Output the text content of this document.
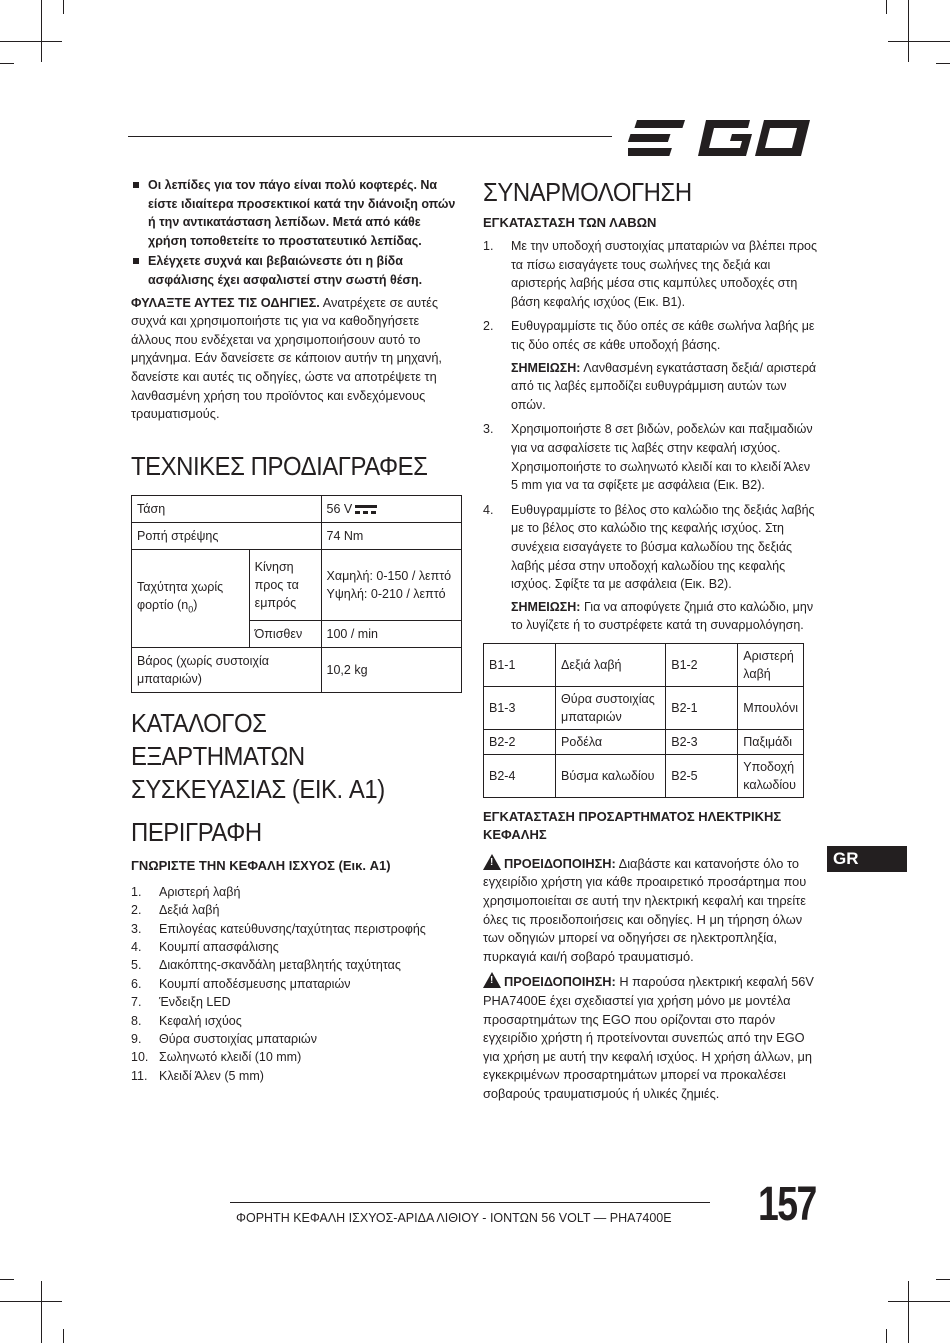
Οι λεπίδες για τον πάγο είναι πολύ κοφτερές. Να είστε ιδιαίτερα προσεκτικοί κατά την διάνοιξη οπών ή την αντικατάσταση λεπίδων. Μετά από κάθε χρήση τοποθετείτε το προστατευτικό λεπίδας.
Ελέγχετε συχνά και βεβαιώνεστε ότι η βίδα ασφάλισης έχει ασφαλιστεί στην σωστή θέση.
ΦΥΛΑΞΤΕ ΑΥΤΕΣ ΤΙΣ ΟΔΗΓΙΕΣ. Ανατρέχετε σε αυτές συχνά και χρησιμοποιήστε τις για να καθοδηγήσετε άλλους που ενδέχεται να χρησιμοποιήσουν αυτό το μηχάνημα. Εάν δανείσετε σε κάποιον αυτήν τη μηχανή, δανείστε και αυτές τις οδηγίες, ώστε να αποτρέψετε τη λανθασμένη χρήση του προϊόντος και ενδεχόμενους τραυματισμούς.
ΤΕΧΝΙΚΕΣ ΠΡΟΔΙΑΓΡΑΦΕΣ
Τάση		56 V

Ροπή στρέψης		74 Nm
Ταχύτητα χωρίς φορτίο $(n_0)$	Κίνηση προς τα εμπρός	Χαμηλή: 0-150 / λεπτό
Υψηλή: 0-210 / λεπτό

	Όπισθεν	100 / min
Βάρος (χωρίς συστοιχία μπαταριών)		10,2 kg
ΚΑΤΑΛΟΓΟΣ
ΕΞΑΡΤΗΜΑΤΩΝ
ΣΥΣΚΕΥΑΣΙΑΣ (ΕΙΚ. A1)
ΠΕΡΙΓΡΑΦΗ
ΓΝΩΡΙΣΤΕ ΤΗΝ ΚΕΦΑΛΗ ΙΣΧΥΟΣ (Εικ. A1)
1. Αριστερή λαβή
2. Δεξιά λαβή
3. Επιλογέας κατεύθυνσης/ταχύτητας περιστροφής
4. Κουμπί απασφάλισης
5. Διακόπτης-σκανδάλη μεταβλητής ταχύτητας
6. Κουμπί αποδέσμευσης μπαταριών
7. Ένδειξη LED
8. Κεφαλή ισχύος
9. Θύρα συστοιχίας μπαταριών
10. Σωληνωτό κλειδί (10 mm)
11. Κλειδί Άλεν (5 mm)
ΣΥΝΑΡΜΟΛΟΓΗΣΗ
ΕΓΚΑΤΑΣΤΑΣΗ ΤΩΝ ΛΑΒΩΝ
1. Με την υποδοχή συστοιχίας μπαταριών να βλέπει προς τα πίσω εισαγάγετε τους σωλήνες της δεξιά και αριστερής λαβής μέσα στις καμπύλες υποδοχές στη βάση κεφαλής ισχύος (Εικ. B1).
2. Ευθυγραμμίστε τις δύο οπές σε κάθε σωλήνα λαβής με τις δύο οπές σε κάθε υποδοχή βάσης.
ΣΗΜΕΙΩΣΗ: Λανθασμένη εγκατάσταση δεξιά/ αριστερά από τις λαβές εμποδίζει ευθυγράμμιση αυτών των οπών.
3. Χρησιμοποιήστε 8 σετ βιδών, ροδελών και παξιμαδιών για να ασφαλίσετε τις λαβές στην κεφαλή ισχύος. Χρησιμοποιήστε το σωληνωτό κλειδί και το κλειδί Άλεν 5 mm για να τα σφίξετε με ασφάλεια (Εικ. B2).
4. Ευθυγραμμίστε το βέλος στο καλώδιο της δεξιάς λαβής με το βέλος στο καλώδιο της κεφαλής ισχύος. Στη συνέχεια εισαγάγετε το βύσμα καλωδίου της δεξιάς λαβής μέσα στην υποδοχή καλωδίου της κεφαλής ισχύος. Σφίξτε τα με ασφάλεια (Εικ. B2).
ΣΗΜΕΙΩΣΗ: Για να αποφύγετε ζημιά στο καλώδιο, μην το λυγίζετε ή το συστρέφετε κατά τη συναρμολόγηση.
B1-1	Δεξιά λαβή	B1-2	Αριστερή λαβή
B1-3	Θύρα συστοιχίας μπαταριών	B2-1	Μπουλόνι
B2-2	Ροδέλα	B2-3	Παξιμάδι
B2-4	Βύσμα καλωδίου	B2-5	Υποδοχή καλωδίου
ΕΓΚΑΤΑΣΤΑΣΗ ΠΡΟΣΑΡΤΗΜΑΤΟΣ ΗΛΕΚΤΡΙΚΗΣ ΚΕΦΑΛΗΣ
! ΠΡΟΕΙΔΟΠΟΙΗΣΗ: Διαβάστε και κατανοήστε όλο το εγχειρίδιο χρήστη για κάθε προαιρετικό προσάρτημα που χρησιμοποιείται σε αυτή την ηλεκτρική κεφαλή και τηρείτε όλες τις προειδοποιήσεις και οδηγίες. Η μη τήρηση όλων των οδηγιών μπορεί να οδηγήσει σε ηλεκτροπληξία, πυρκαγιά και/ή σοβαρό τραυματισμό.
! ΠΡΟΕΙΔΟΠΟΙΗΣΗ: Η παρούσα ηλεκτρική κεφαλή 56V PHA7400E έχει σχεδιαστεί για χρήση μόνο με μοντέλα προσαρτημάτων της EGO που ορίζονται στο παρόν εγχειρίδιο χρήστη ή προτείνονται συνεπώς από την EGO για χρήση με αυτή την κεφαλή ισχύος. Η χρήση άλλων, μη εγκεκριμένων προσαρτημάτων μπορεί να προκαλέσει σοβαρούς τραυματισμούς ή υλικές ζημιές.
GR
ΦΟΡΗΤΗ ΚΕΦΑΛΗ ΙΣΧΥΟΣ-ΑΡΙΔΑ ΛΙΘΙΟΥ - ΙΟΝΤΩΝ 56 VOLT — PHA7400E 157
